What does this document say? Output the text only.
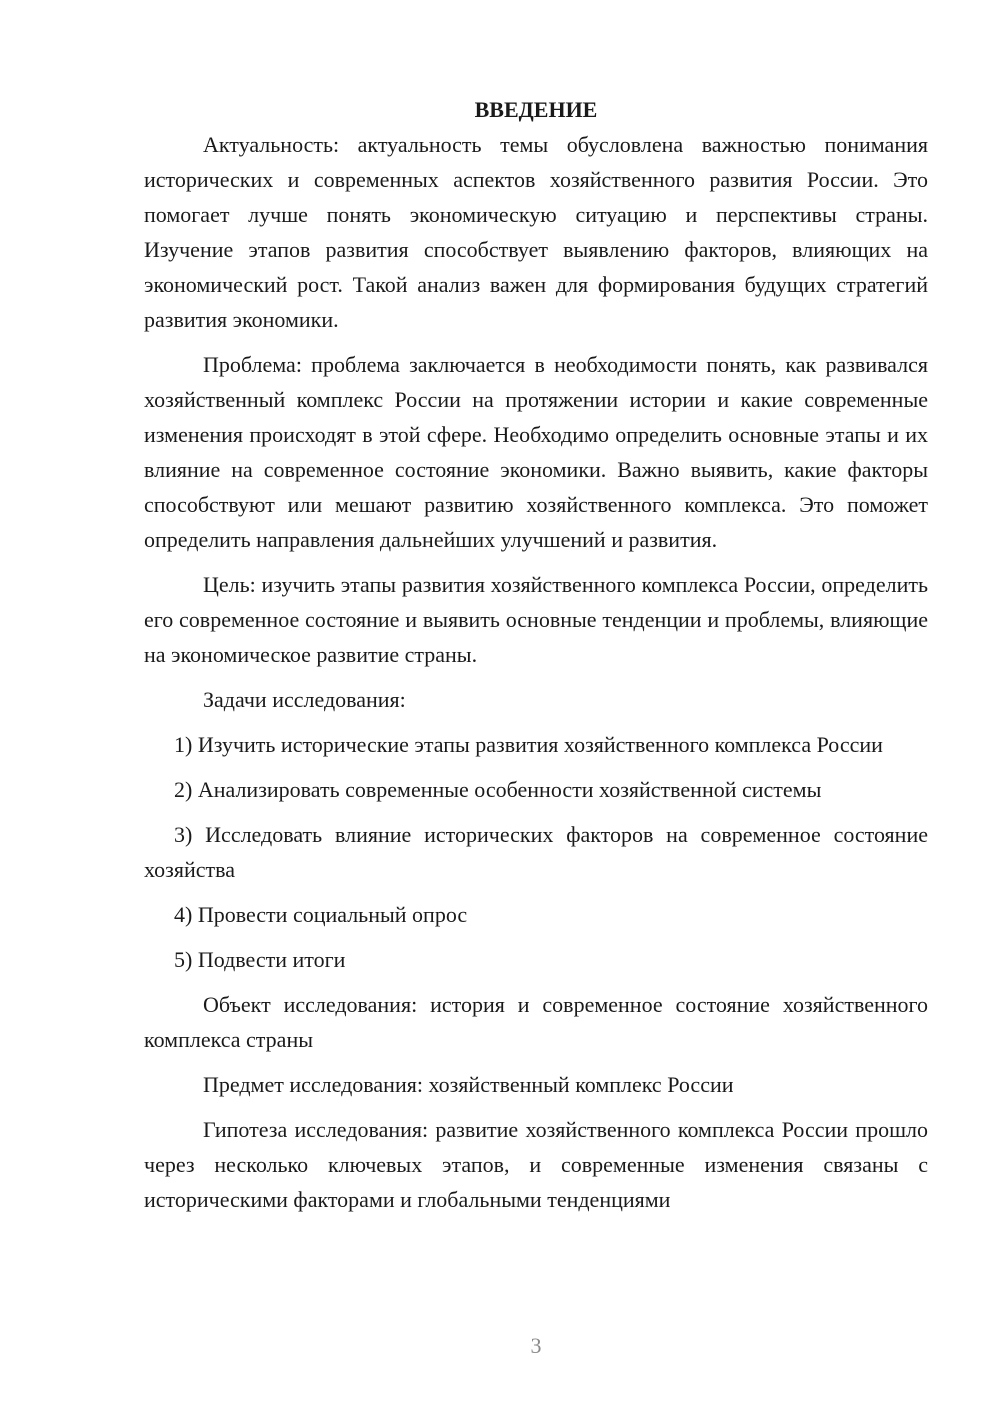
ВВЕДЕНИЕ

Актуальность: актуальность темы обусловлена важностью понимания исторических и современных аспектов хозяйственного развития России. Это помогает лучше понять экономическую ситуацию и перспективы страны. Изучение этапов развития способствует выявлению факторов, влияющих на экономический рост. Такой анализ важен для формирования будущих стратегий развития экономики.

Проблема: проблема заключается в необходимости понять, как развивался хозяйственный комплекс России на протяжении истории и какие современные изменения происходят в этой сфере. Необходимо определить основные этапы и их влияние на современное состояние экономики. Важно выявить, какие факторы способствуют или мешают развитию хозяйственного комплекса. Это поможет определить направления дальнейших улучшений и развития.

Цель: изучить этапы развития хозяйственного комплекса России, определить его современное состояние и выявить основные тенденции и проблемы, влияющие на экономическое развитие страны.

Задачи исследования:

1) Изучить исторические этапы развития хозяйственного комплекса России
2) Анализировать современные особенности хозяйственной системы
3) Исследовать влияние исторических факторов на современное состояние хозяйства
4) Провести социальный опрос
5) Подвести итоги

Объект исследования: история и современное состояние хозяйственного комплекса страны

Предмет исследования: хозяйственный комплекс России

Гипотеза исследования: развитие хозяйственного комплекса России прошло через несколько ключевых этапов, и современные изменения связаны с историческими факторами и глобальными тенденциями

3
